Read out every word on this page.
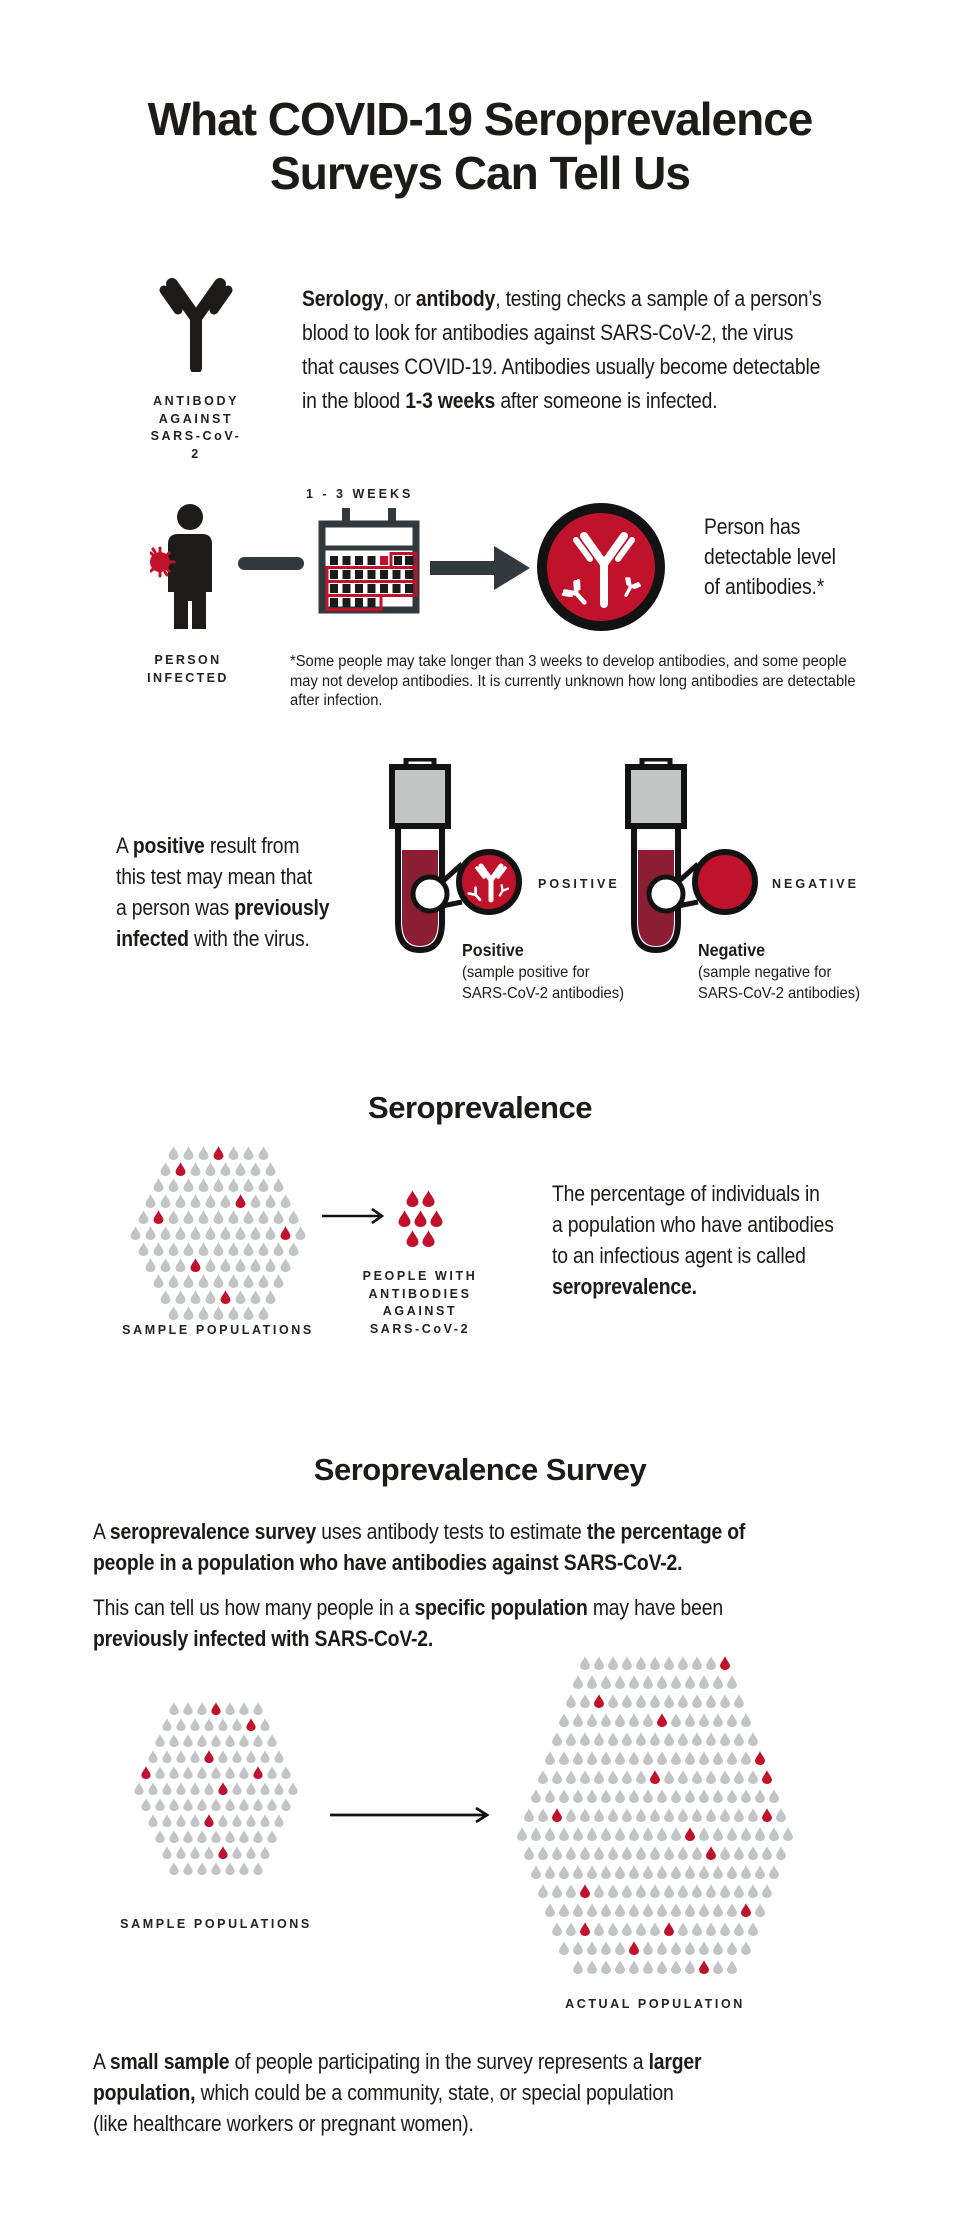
What COVID-19 Seroprevalence
Surveys Can Tell Us
ANTIBODY
AGAINST
SARS-CoV-2

Serology, or antibody, testing checks a sample of a person’s
blood to look for antibodies against SARS-CoV-2, the virus
that causes COVID-19. Antibodies usually become detectable
in the blood 1-3 weeks after someone is infected.

1 - 3 WEEKS

Person has
detectable level
of antibodies.*

PERSON
INFECTED

*Some people may take longer than 3 weeks to develop antibodies, and some people
may not develop antibodies. It is currently unknown how long antibodies are detectable
after infection.

A positive result from
this test may mean that
a person was previously
infected with the virus.

POSITIVE
Positive
(sample positive for
SARS-CoV-2 antibodies)
NEGATIVE
Negative
(sample negative for
SARS-CoV-2 antibodies)
Seroprevalence
SAMPLE POPULATIONS
PEOPLE WITH
ANTIBODIES
AGAINST
SARS-CoV-2

The percentage of individuals in
a population who have antibodies
to an infectious agent is called
seroprevalence.

Seroprevalence Survey

A seroprevalence survey uses antibody tests to estimate the percentage of
people in a population who have antibodies against SARS-CoV-2.

This can tell us how many people in a specific population may have been
previously infected with SARS-CoV-2.

SAMPLE POPULATIONS
ACTUAL POPULATION

A small sample of people participating in the survey represents a larger
population, which could be a community, state, or special population
(like healthcare workers or pregnant women).
